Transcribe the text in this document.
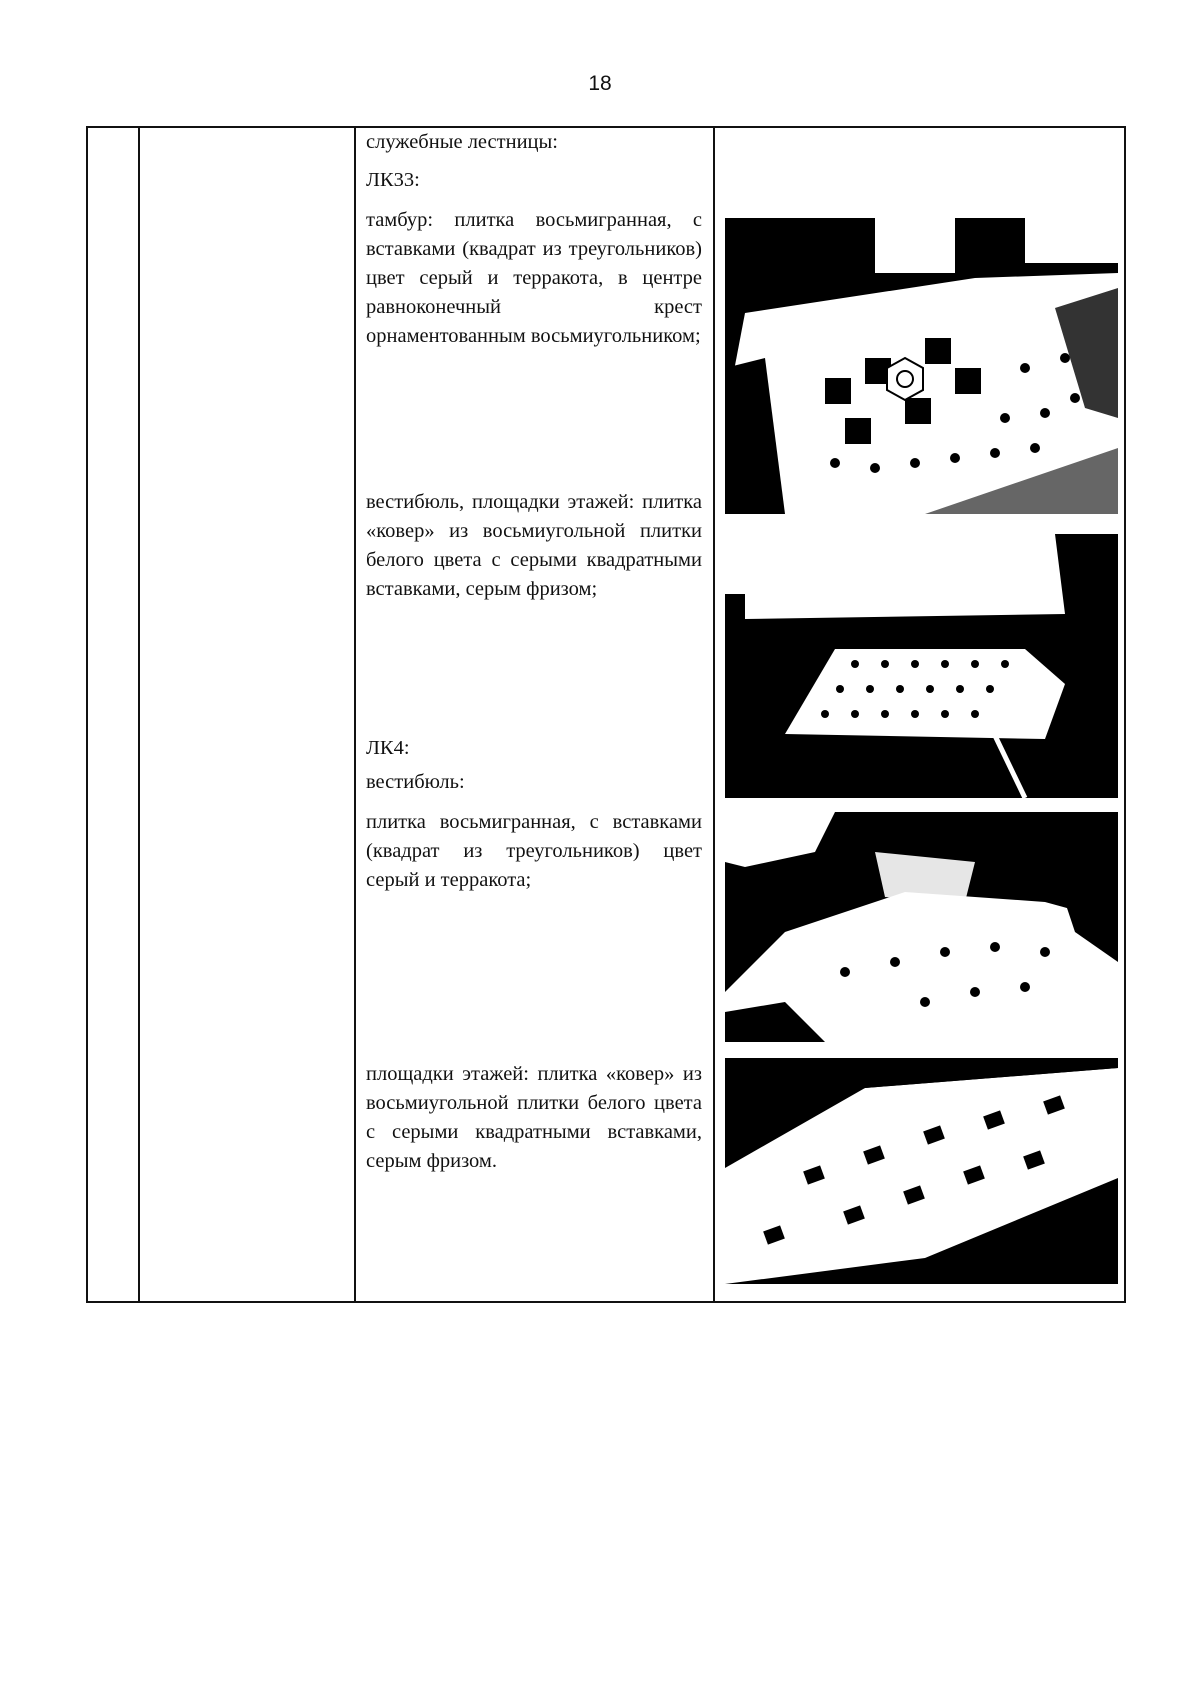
18

служебные лестницы:

ЛК33:

тамбур: плитка восьмигранная, с вставками (квадрат из треугольников) цвет серый и терракота, в центре равноконечный крест орнаментованным восьмиугольником;

вестибюль, площадки этажей: плитка «ковер» из восьмиугольной плитки белого цвета с серыми квадратными вставками, серым фризом;

ЛК4:

вестибюль:

плитка восьмигранная, с вставками (квадрат из треугольников) цвет серый и терракота;

площадки этажей: плитка «ковер» из восьмиугольной плитки белого цвета с серыми квадратными вставками, серым фризом.
